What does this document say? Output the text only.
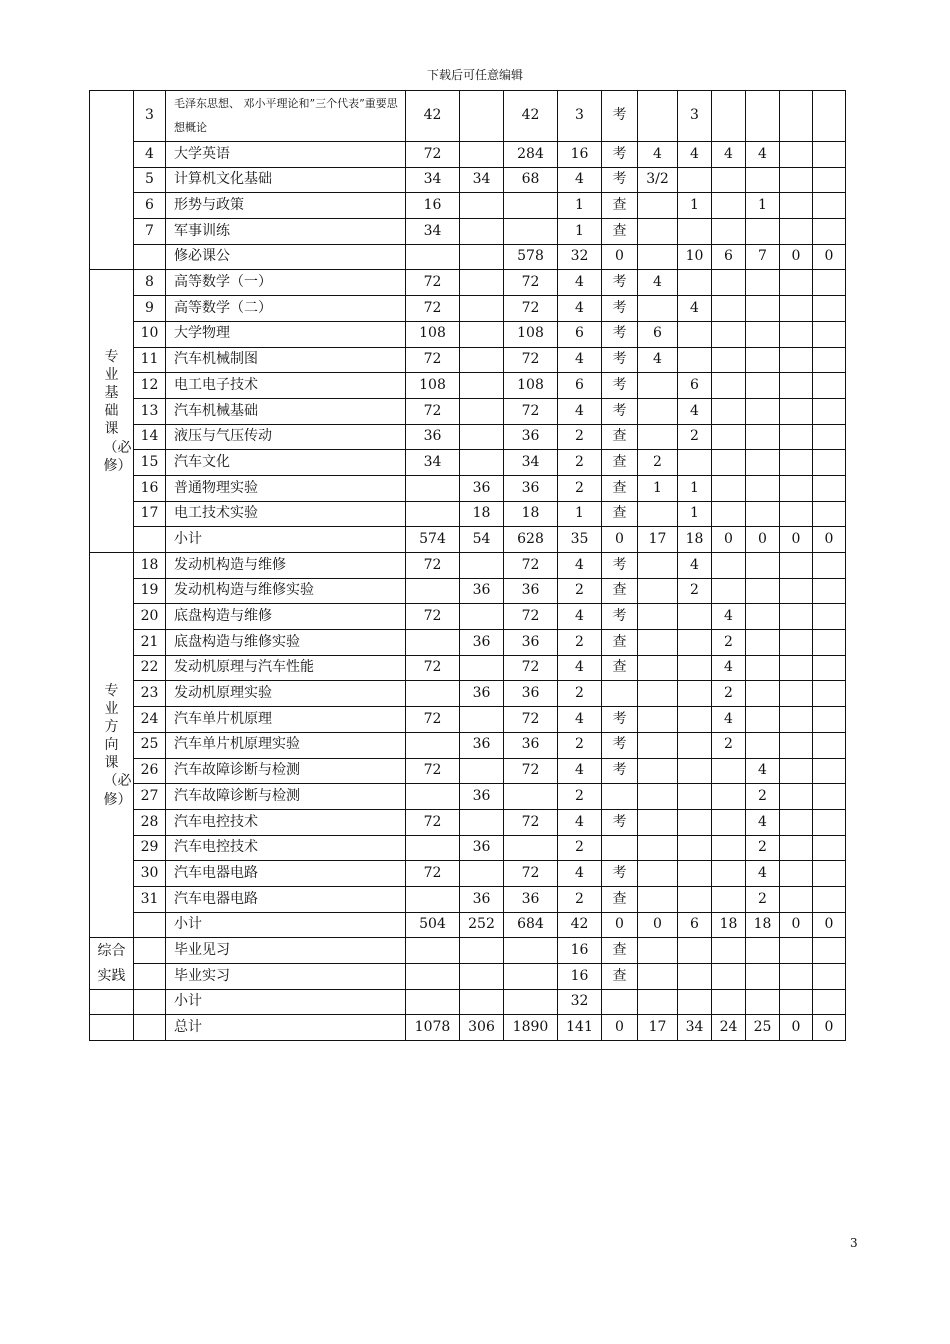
下载后可任意编辑
	3	毛泽东思想、 邓小平理论和”三个代表”重要思想概论	42		42	3	考		3				
	4	大学英语	72		284	16	考	4	4	4	4		
	5	计算机文化基础	34	34	68	4	考	3/2					
	6	形势与政策	16			1	查		1		1		
	7	军事训练	34			1	查						
		修必课公			578	32	0		10	6	7	0	0
专业基础课（必修）	8	高等数学（一）	72		72	4	考	4					
	9	高等数学（二）	72		72	4	考		4				
	10	大学物理	108		108	6	考	6					
	11	汽车机械制图	72		72	4	考	4					
	12	电工电子技术	108		108	6	考		6				
	13	汽车机械基础	72		72	4	考		4				
	14	液压与气压传动	36		36	2	查		2				
	15	汽车文化	34		34	2	查	2					
	16	普通物理实验		36	36	2	查	1	1				
	17	电工技术实验		18	18	1	查		1				
		小计	574	54	628	35	0	17	18	0	0	0	0
专业方向课（必修）	18	发动机构造与维修	72		72	4	考		4				
	19	发动机构造与维修实验		36	36	2	查		2				
	20	底盘构造与维修	72		72	4	考			4			
	21	底盘构造与维修实验		36	36	2	查			2			
	22	发动机原理与汽车性能	72		72	4	查			4			
	23	发动机原理实验		36	36	2				2			
	24	汽车单片机原理	72		72	4	考			4			
	25	汽车单片机原理实验		36	36	2	考			2			
	26	汽车故障诊断与检测	72		72	4	考				4		
	27	汽车故障诊断与检测		36		2					2		
	28	汽车电控技术	72		72	4	考				4		
	29	汽车电控技术		36		2					2		
	30	汽车电器电路	72		72	4	考				4		
	31	汽车电器电路		36	36	2	查				2		
		小计	504	252	684	42	0	0	6	18	18	0	0
综合实践		毕业见习				16	查						
		毕业实习				16	查						
		小计				32							
		总计	1078	306	1890	141	0	17	34	24	25	0	0
3
